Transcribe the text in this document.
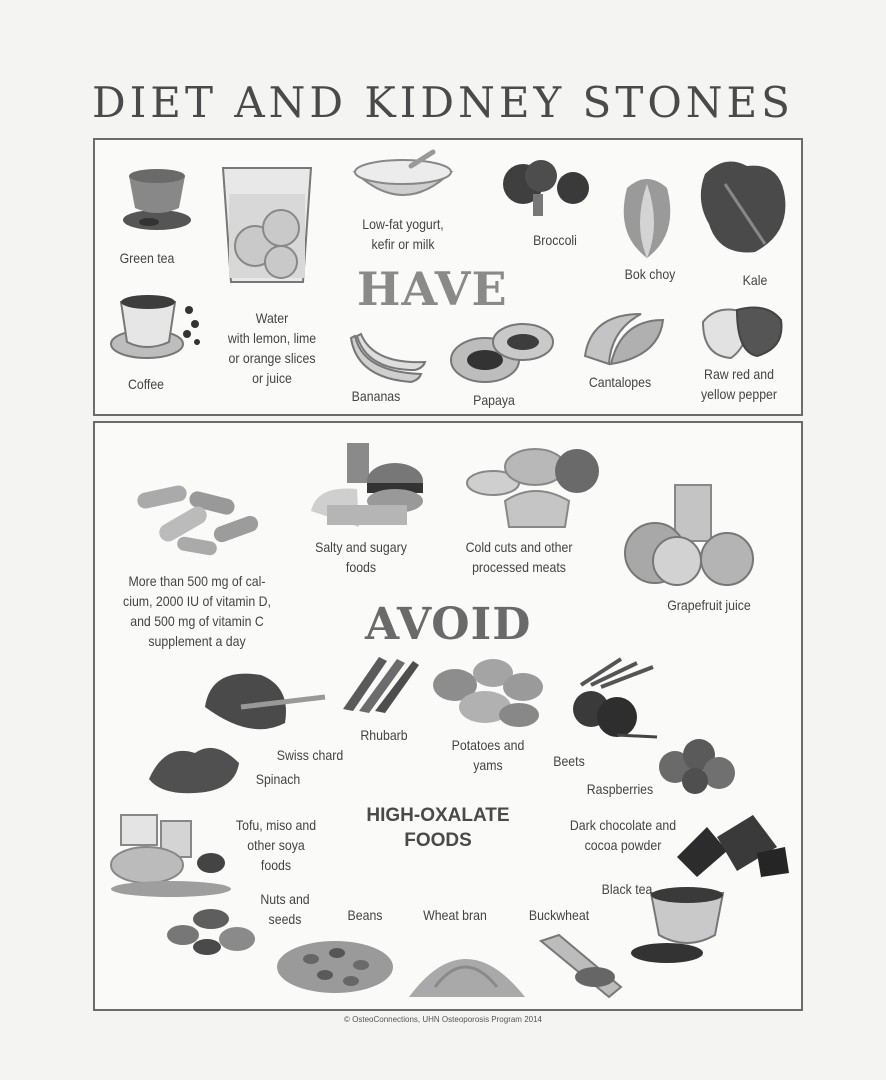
DIET AND KIDNEY STONES
Green tea
Water
with lemon, lime
or orange slices
or juice
Low-fat yogurt,
kefir or milk	Broccoli
Bok choy	Kale
Coffee
HAVE
Bananas	Papaya
Cantalopes	Raw red and
yellow pepper
More than 500 mg of cal-
cium, 2000 IU of vitamin D,
and 500 mg of vitamin C
supplement a day
Salty and sugary
foods
Cold cuts and other
processed meats
Grapefruit juice
AVOID
Swiss chard
Rhubarb
Potatoes and
yams	Beets
Spinach
Raspberries
HIGH-OXALATE
FOODS
Tofu, miso and
other soya
foods
Dark chocolate and
cocoa powder
Black tea
Nuts and
seeds	Beans	Wheat bran	Buckwheat
© OsteoConnections, UHN Osteoporosis Program 2014
